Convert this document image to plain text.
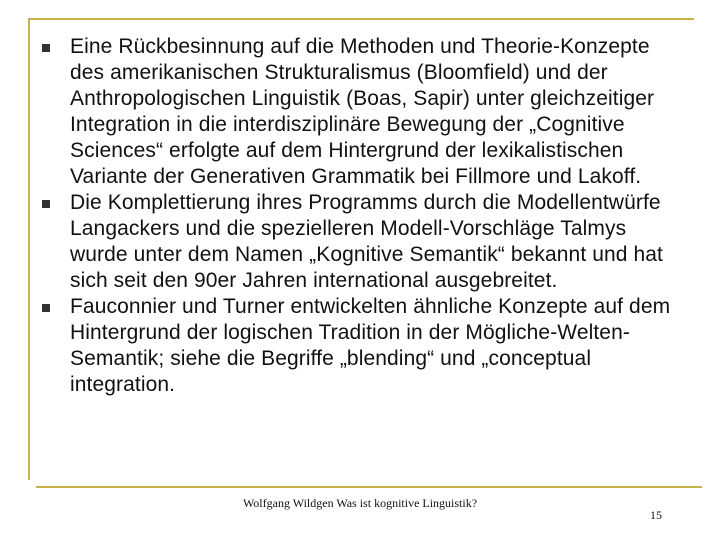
Eine Rückbesinnung auf die Methoden und Theorie-Konzepte des amerikanischen Strukturalismus (Bloomfield) und der Anthropologischen Linguistik (Boas, Sapir) unter gleichzeitiger Integration in die interdisziplinäre Bewegung der „Cognitive Sciences“ erfolgte auf dem Hintergrund der lexikalistischen Variante der Generativen Grammatik bei Fillmore und Lakoff.
Die Komplettierung ihres Programms durch die Modellentwürfe Langackers und die spezielleren Modell-Vorschläge Talmys wurde unter dem Namen „Kognitive Semantik“ bekannt und hat sich seit den 90er Jahren international ausgebreitet.
Fauconnier und Turner entwickelten ähnliche Konzepte auf dem Hintergrund der logischen Tradition in der Mögliche-Welten-Semantik; siehe die Begriffe „blending“ und „conceptual integration.
Wolfgang Wildgen Was ist kognitive Linguistik?
15
